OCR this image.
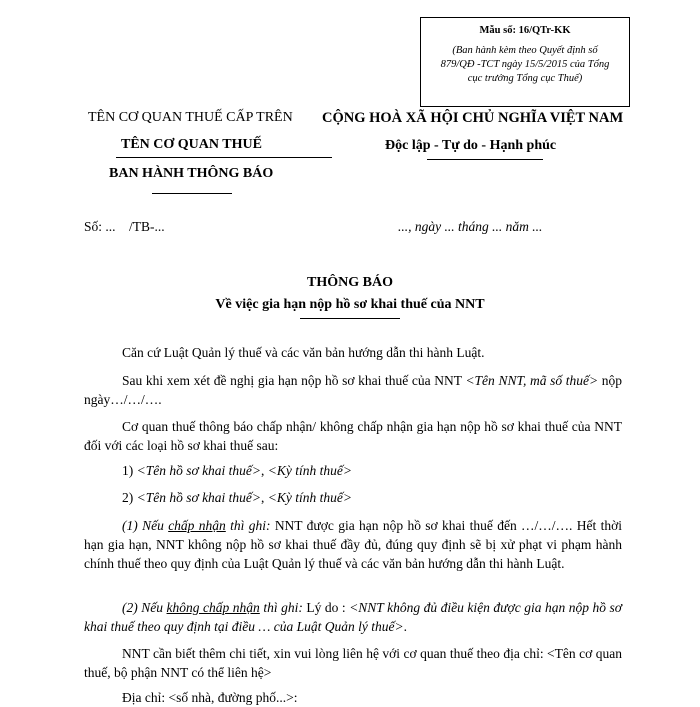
Mẫu số: 16/QTr-KK
(Ban hành kèm theo Quyết định số
879/QĐ -TCT ngày 15/5/2015 của Tổng
cục trưởng Tổng cục Thuế)
TÊN CƠ QUAN THUẾ CẤP TRÊN
TÊN CƠ QUAN THUẾ
BAN HÀNH THÔNG BÁO
CỘNG HOÀ XÃ HỘI CHỦ NGHĨA VIỆT NAM
Độc lập - Tự do - Hạnh phúc
Số: ...    /TB-...	..., ngày ... tháng ... năm ...
THÔNG BÁO
Về việc gia hạn nộp hồ sơ khai thuế của NNT
Căn cứ Luật Quản lý thuế và các văn bản hướng dẫn thi hành Luật.
Sau khi xem xét đề nghị gia hạn nộp hồ sơ khai thuế của NNT <Tên NNT, mã số thuế> nộp ngày…/…/….
Cơ quan thuế thông báo chấp nhận/ không chấp nhận gia hạn nộp hồ sơ khai thuế của NNT đối với các loại hồ sơ khai thuế sau:
1) <Tên hồ sơ khai thuế>, <Kỳ tính thuế>
2) <Tên hồ sơ khai thuế>, <Kỳ tính thuế>
(1) Nếu chấp nhận thì ghi: NNT được gia hạn nộp hồ sơ khai thuế đến …/…/…. Hết thời hạn gia hạn, NNT không nộp hồ sơ khai thuế đầy đủ, đúng quy định sẽ bị xử phạt vi phạm hành chính thuế theo quy định của Luật Quản lý thuế và các văn bản hướng dẫn thi hành Luật.
(2) Nếu không chấp nhận thì ghi: Lý do : <NNT không đủ điều kiện được gia hạn nộp hồ sơ khai thuế theo quy định tại điều … của Luật Quản lý thuế>.
NNT cần biết thêm chi tiết, xin vui lòng liên hệ với cơ quan thuế theo địa chỉ: <Tên cơ quan thuế, bộ phận NNT có thể liên hệ>
Địa chỉ: <số nhà, đường phố...>:
